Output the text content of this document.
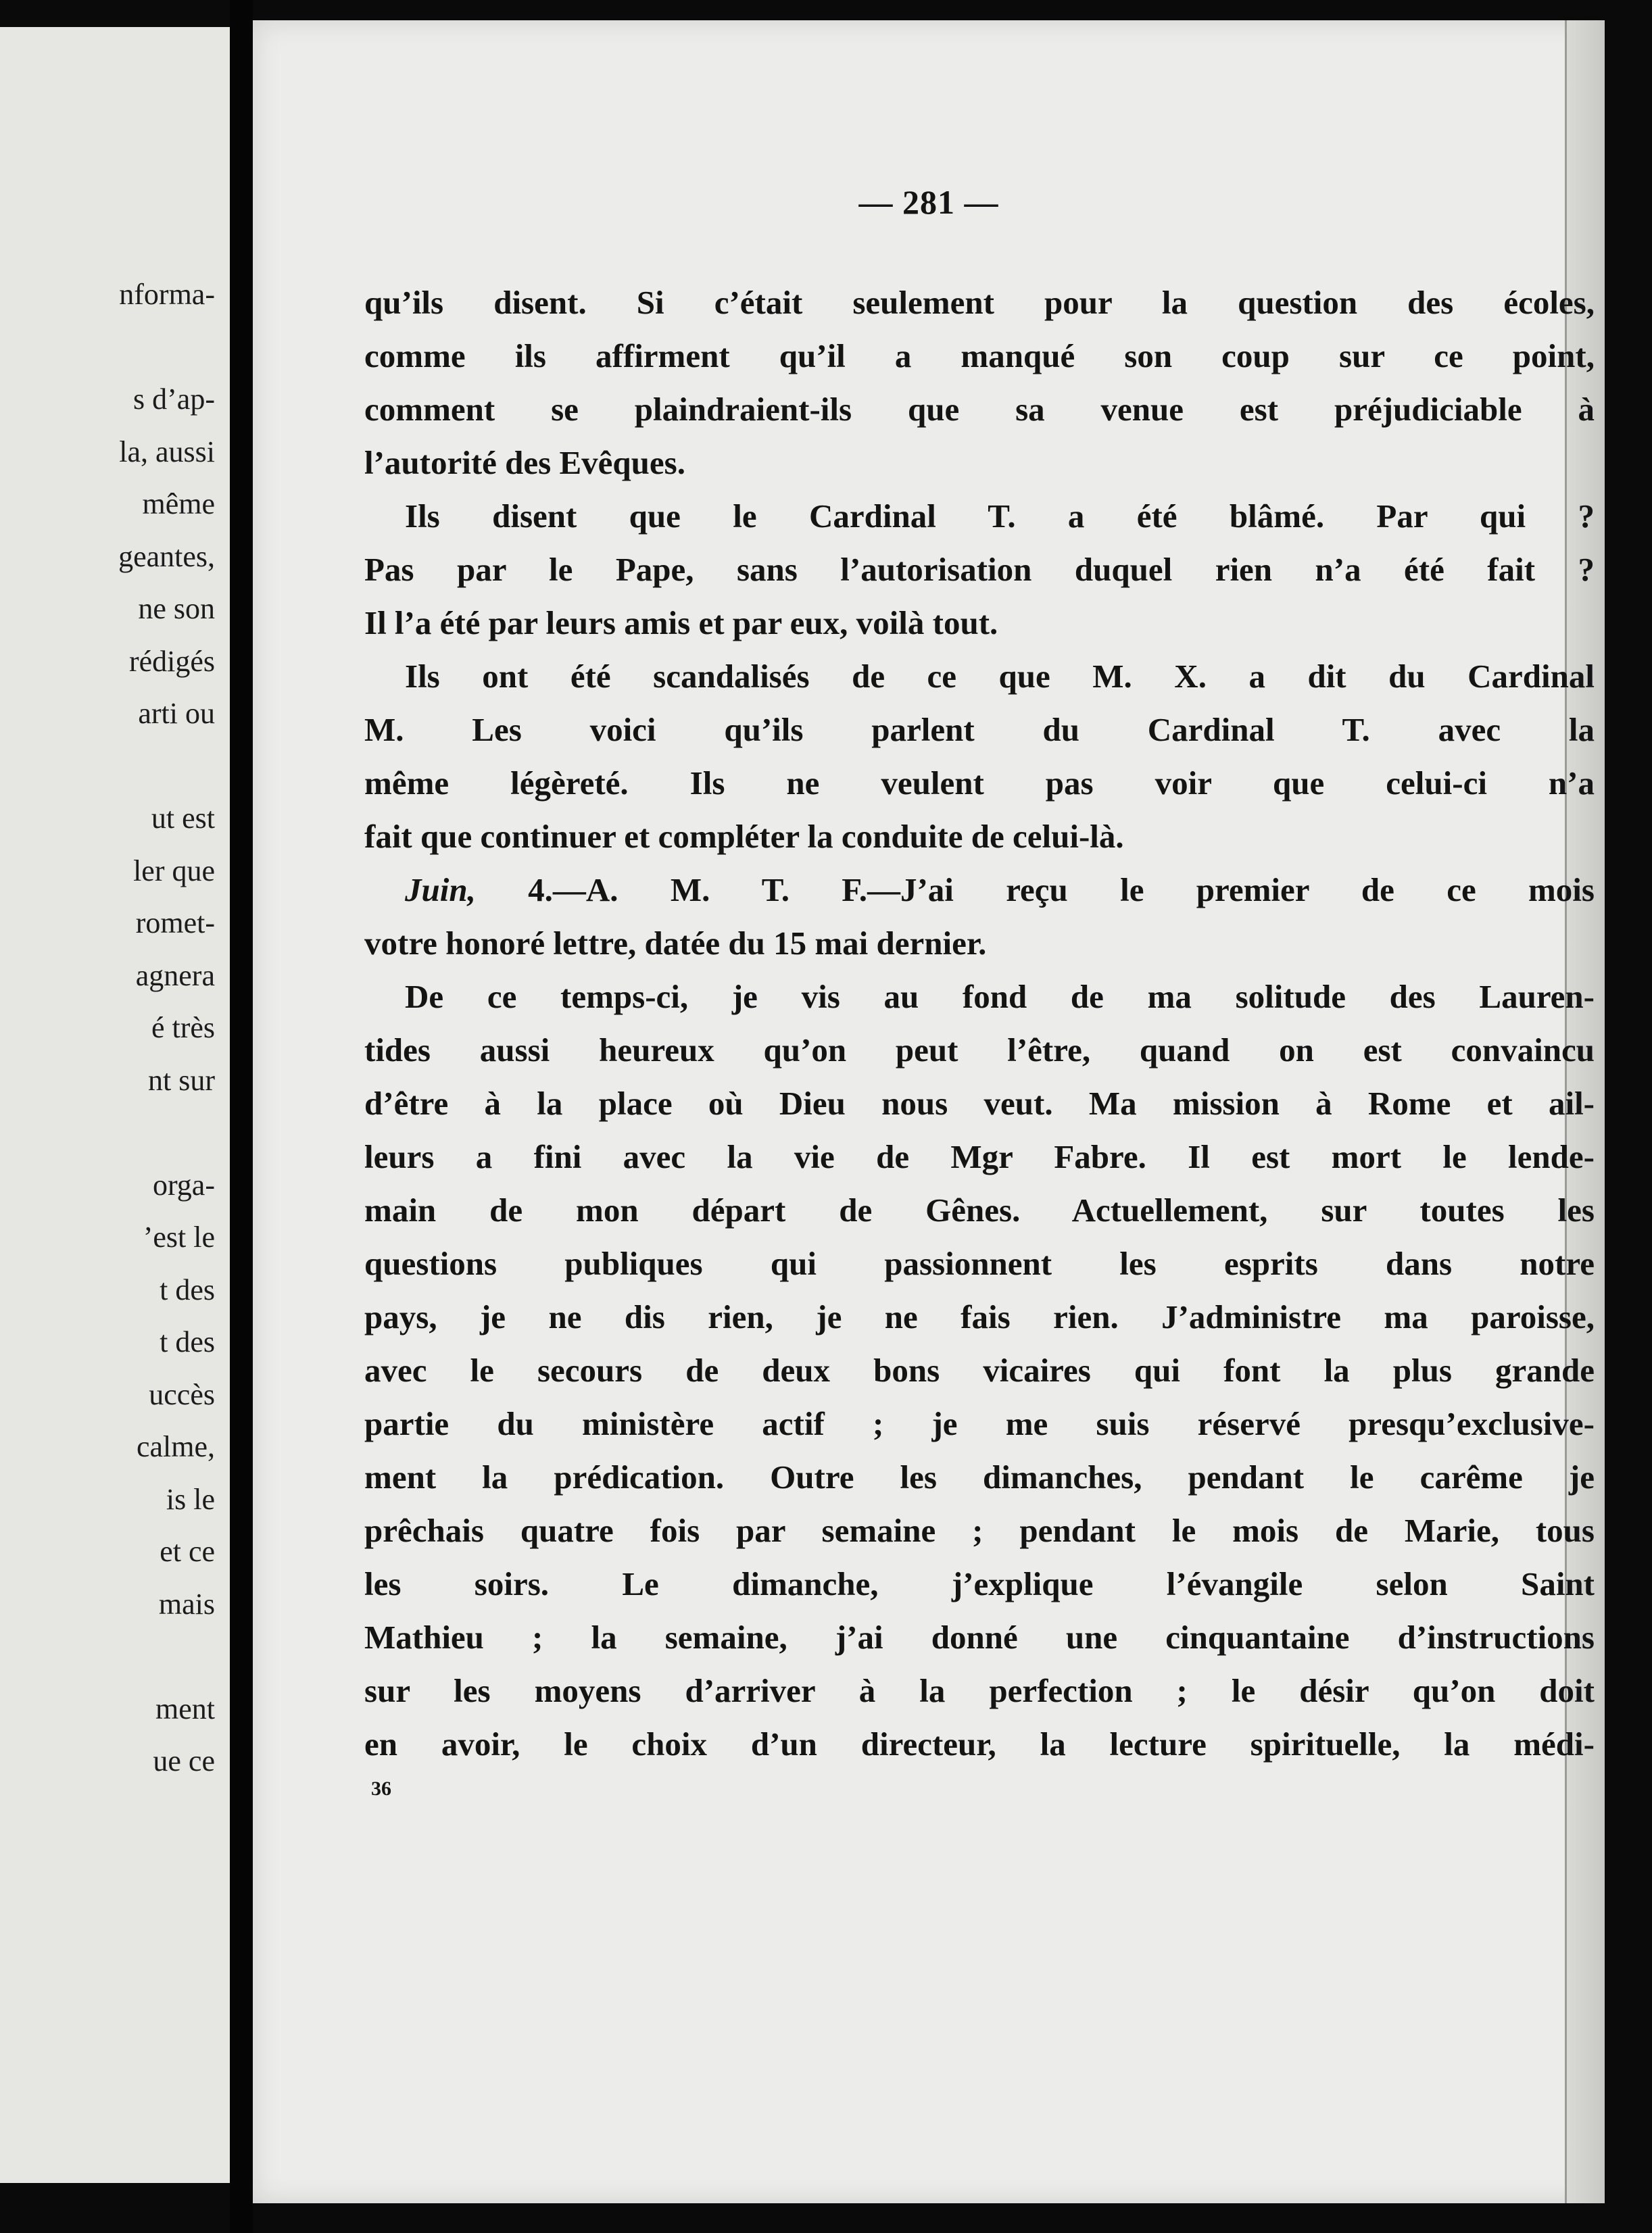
nforma-
s d’ap-
la, aussi
même
geantes,
ne son
rédigés
arti ou
ut est
ler que
romet-
agnera
é très
nt sur
orga-
’est le
t des
t des
uccès
calme,
is le
et ce
mais
ment
ue ce
— 281 —
qu’ils disent. Si c’était seulement pour la question des écoles,
comme ils affirment qu’il a manqué son coup sur ce point,
comment se plaindraient-ils que sa venue est préjudiciable à
l’autorité des Evêques.
Ils disent que le Cardinal T. a été blâmé. Par qui ?
Pas par le Pape, sans l’autorisation duquel rien n’a été fait ?
Il l’a été par leurs amis et par eux, voilà tout.
Ils ont été scandalisés de ce que M. X. a dit du Cardinal
M. Les voici qu’ils parlent du Cardinal T. avec la
même légèreté. Ils ne veulent pas voir que celui-ci n’a
fait que continuer et compléter la conduite de celui-là.
Juin, 4.—A. M. T. F.—J’ai reçu le premier de ce mois
votre honoré lettre, datée du 15 mai dernier.
De ce temps-ci, je vis au fond de ma solitude des Lauren-
tides aussi heureux qu’on peut l’être, quand on est convaincu
d’être à la place où Dieu nous veut. Ma mission à Rome et ail-
leurs a fini avec la vie de Mgr Fabre. Il est mort le lende-
main de mon départ de Gênes. Actuellement, sur toutes les
questions publiques qui passionnent les esprits dans notre
pays, je ne dis rien, je ne fais rien. J’administre ma paroisse,
avec le secours de deux bons vicaires qui font la plus grande
partie du ministère actif ; je me suis réservé presqu’exclusive-
ment la prédication. Outre les dimanches, pendant le carême je
prêchais quatre fois par semaine ; pendant le mois de Marie, tous
les soirs. Le dimanche, j’explique l’évangile selon Saint
Mathieu ; la semaine, j’ai donné une cinquantaine d’instructions
sur les moyens d’arriver à la perfection ; le désir qu’on doit
en avoir, le choix d’un directeur, la lecture spirituelle, la médi-
36
